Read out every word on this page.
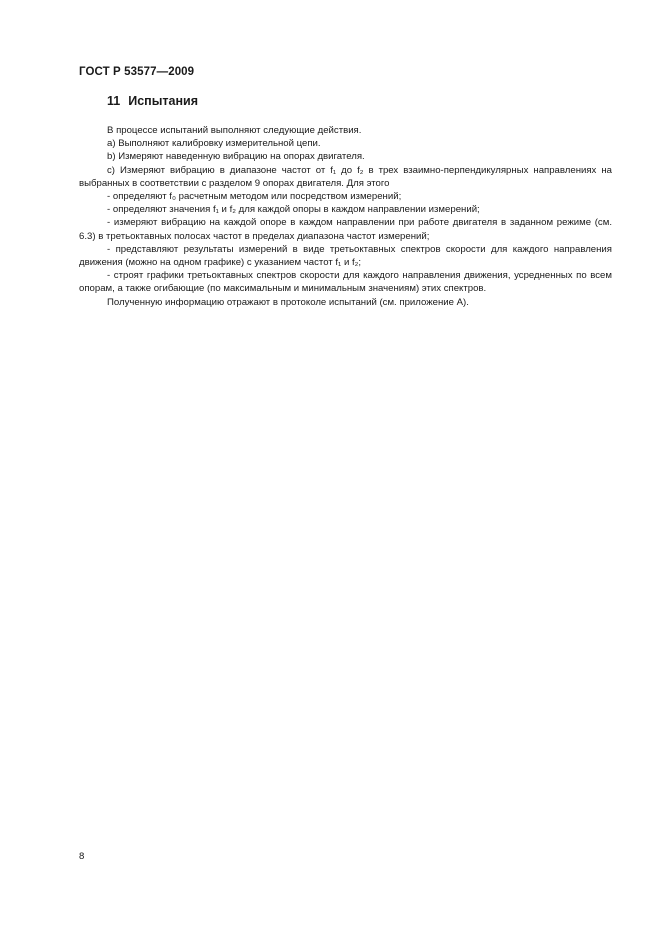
ГОСТ Р 53577—2009
11 Испытания

В процессе испытаний выполняют следующие действия.

а) Выполняют калибровку измерительной цепи.

b) Измеряют наведенную вибрацию на опорах двигателя.

с) Измеряют вибрацию в диапазоне частот от f₁ до f₂ в трех взаимно-перпендикулярных направлениях на выбранных в соответствии с разделом 9 опорах двигателя. Для этого

- определяют f₀ расчетным методом или посредством измерений;

- определяют значения f₁ и f₂ для каждой опоры в каждом направлении измерений;

- измеряют вибрацию на каждой опоре в каждом направлении при работе двигателя в заданном режиме (см. 6.3) в третьоктавных полосах частот в пределах диапазона частот измерений;

- представляют результаты измерений в виде третьоктавных спектров скорости для каждого направления движения (можно на одном графике) с указанием частот f₁ и f₂;

- строят графики третьоктавных спектров скорости для каждого направления движения, усредненных по всем опорам, а также огибающие (по максимальным и минимальным значениям) этих спектров.

Полученную информацию отражают в протоколе испытаний (см. приложение А).

8
